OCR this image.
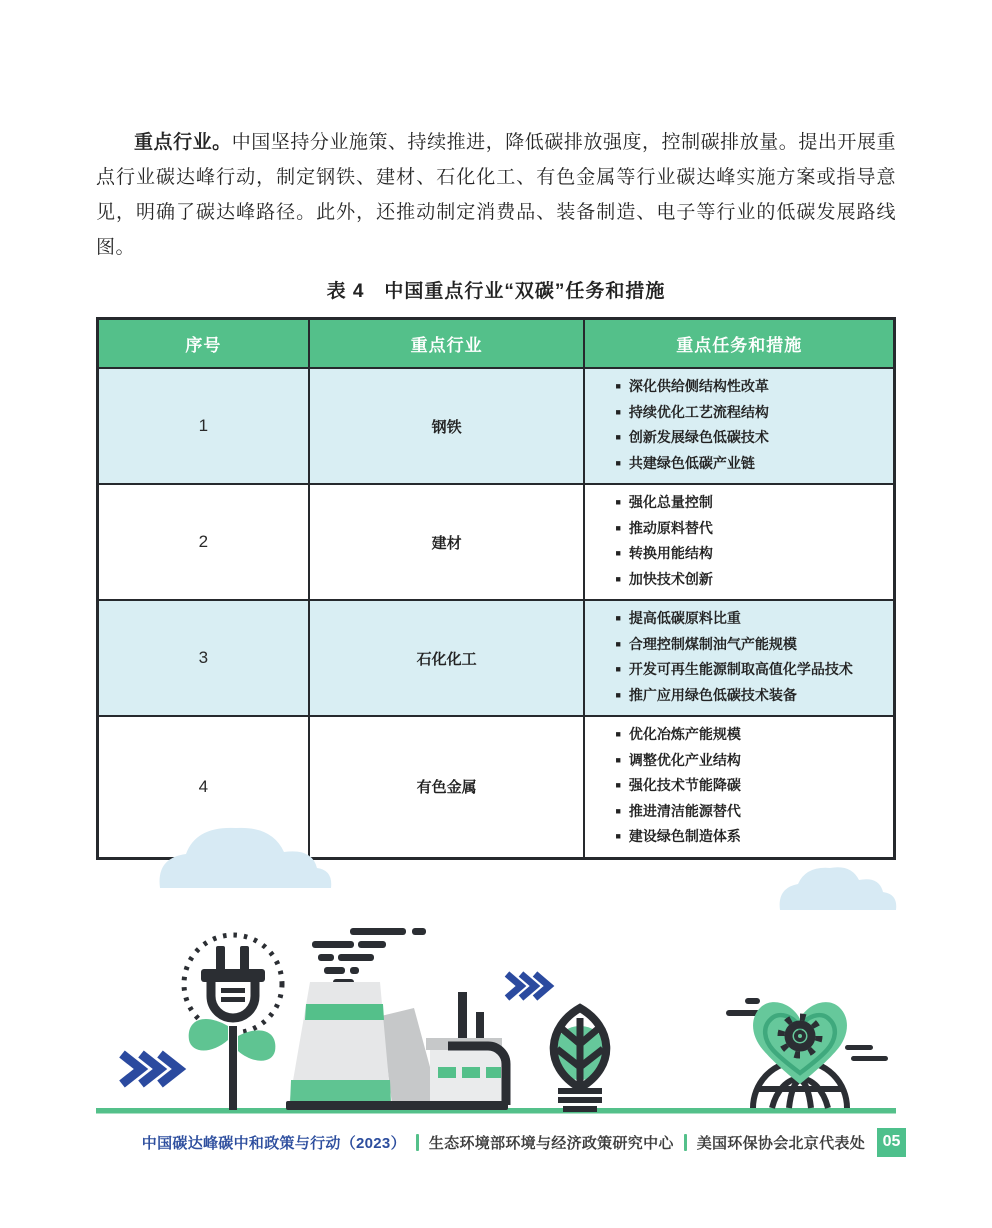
重点行业。中国坚持分业施策、持续推进，降低碳排放强度，控制碳排放量。提出开展重点行业碳达峰行动，制定钢铁、建材、石化化工、有色金属等行业碳达峰实施方案或指导意见，明确了碳达峰路径。此外，还推动制定消费品、装备制造、电子等行业的低碳发展路线图。

表 4　中国重点行业“双碳”任务和措施
序号	重点行业	重点任务和措施
1	钢铁	
■ 深化供给侧结构性改革
■ 持续优化工艺流程结构
■ 创新发展绿色低碳技术
■ 共建绿色低碳产业链

2	建材	
■ 强化总量控制
■ 推动原料替代
■ 转换用能结构
■ 加快技术创新

3	石化化工	
■ 提高低碳原料比重
■ 合理控制煤制油气产能规模
■ 开发可再生能源制取高值化学品技术
■ 推广应用绿色低碳技术装备

4	有色金属	
■ 优化冶炼产能规模
■ 调整优化产业结构
■ 强化技术节能降碳
■ 推进清洁能源替代
■ 建设绿色制造体系
中国碳达峰碳中和政策与行动（2023） 生态环境部环境与经济政策研究中心 美国环保协会北京代表处	05
